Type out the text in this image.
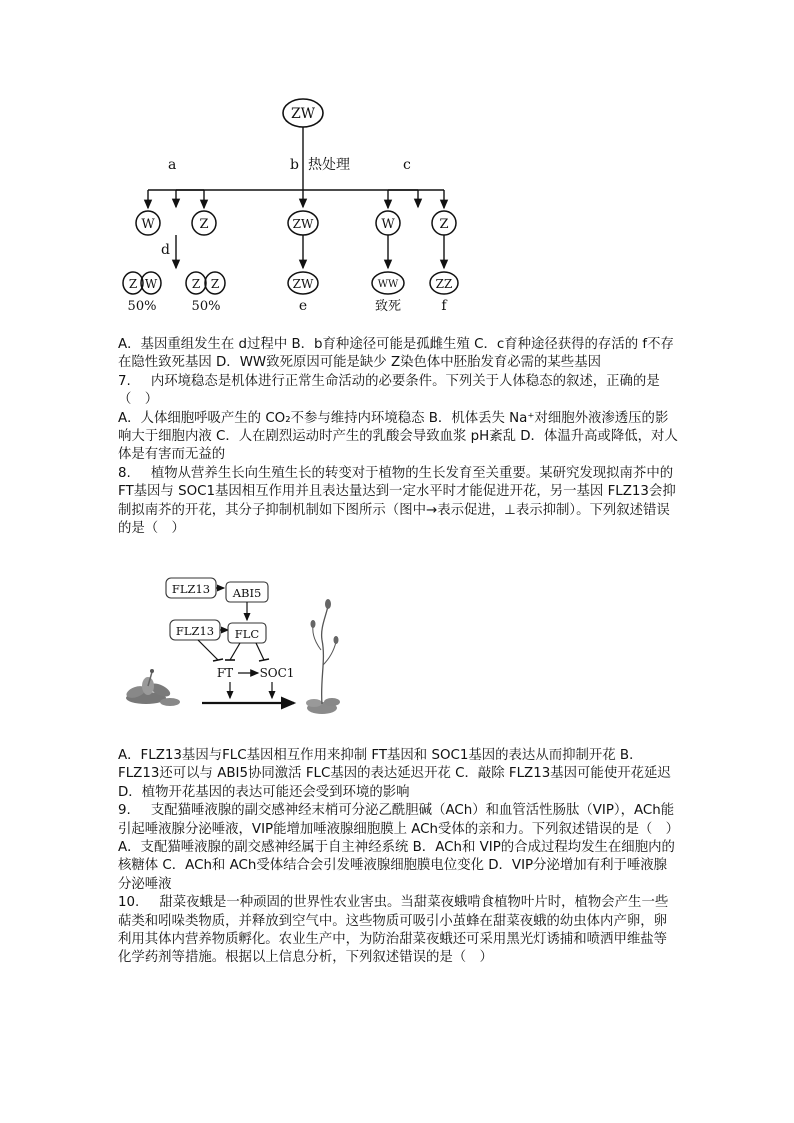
ZW
a	b 热处理	c
W	Z	ZW	W	Z
d
Z W	Z Z	ZW	WW	ZZ
50%	50%	e	致死	f

A．基因重组发生在 d过程中 B．b育种途径可能是孤雌生殖 C．c育种途径获得的存活的 f不存在隐性致死基因 D．WW致死原因可能是缺少 Z染色体中胚胎发育必需的某些基因

7.   内环境稳态是机体进行正常生命活动的必要条件。下列关于人体稳态的叙述，正确的是（　）

A．人体细胞呼吸产生的 CO₂不参与维持内环境稳态 B．机体丢失 Na⁺对细胞外液渗透压的影响大于细胞内液 C．人在剧烈运动时产生的乳酸会导致血浆 pH紊乱 D．体温升高或降低，对人体是有害而无益的

8.   植物从营养生长向生殖生长的转变对于植物的生长发育至关重要。某研究发现拟南芥中的 FT基因与 SOC1基因相互作用并且表达量达到一定水平时才能促进开花，另一基因 FLZ13会抑制拟南芥的开花，其分子抑制机制如下图所示（图中→表示促进，⊥表示抑制）。下列叙述错误的是（　）

FLZ13 ABI5
FLZ13 FLC
FT SOC1

A．FLZ13基因与FLC基因相互作用来抑制 FT基因和 SOC1基因的表达从而抑制开花 B．FLZ13还可以与 ABI5协同激活 FLC基因的表达延迟开花 C．敲除 FLZ13基因可能使开花延迟 D．植物开花基因的表达可能还会受到环境的影响

9.   支配猫唾液腺的副交感神经末梢可分泌乙酰胆碱（ACh）和血管活性肠肽（VIP），ACh能引起唾液腺分泌唾液，VIP能增加唾液腺细胞膜上 ACh受体的亲和力。下列叙述错误的是（　）

A．支配猫唾液腺的副交感神经属于自主神经系统 B．ACh和 VIP的合成过程均发生在细胞内的核糖体 C．ACh和 ACh受体结合会引发唾液腺细胞膜电位变化 D．VIP分泌增加有利于唾液腺分泌唾液

10.   甜菜夜蛾是一种顽固的世界性农业害虫。当甜菜夜蛾啃食植物叶片时，植物会产生一些萜类和吲哚类物质，并释放到空气中。这些物质可吸引小茧蜂在甜菜夜蛾的幼虫体内产卵，卵利用其体内营养物质孵化。农业生产中，为防治甜菜夜蛾还可采用黑光灯诱捕和喷洒甲维盐等化学药剂等措施。根据以上信息分析，下列叙述错误的是（　）
